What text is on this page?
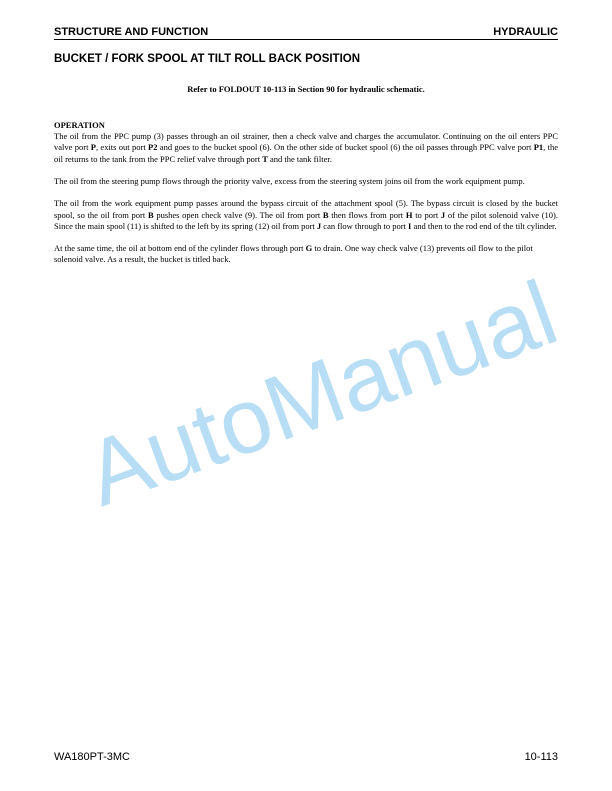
STRUCTURE AND FUNCTION	HYDRAULIC
BUCKET / FORK SPOOL AT TILT ROLL BACK POSITION
Refer to FOLDOUT 10-113 in Section 90 for hydraulic schematic.
OPERATION

The oil from the PPC pump (3) passes through an oil strainer, then a check valve and charges the accumulator. Continuing on the oil enters PPC valve port P, exits out port P2 and goes to the bucket spool (6). On the other side of bucket spool (6) the oil passes through PPC valve port P1, the oil returns to the tank from the PPC relief valve through port T and the tank filter.

The oil from the steering pump flows through the priority valve, excess from the steering system joins oil from the work equipment pump.

The oil from the work equipment pump passes around the bypass circuit of the attachment spool (5). The bypass circuit is closed by the bucket spool, so the oil from port B pushes open check valve (9). The oil from port B then flows from port H to port J of the pilot solenoid valve (10). Since the main spool (11) is shifted to the left by its spring (12) oil from port J can flow through to port I and then to the rod end of the tilt cylinder.

At the same time, the oil at bottom end of the cylinder flows through port G to drain. One way check valve (13) prevents oil flow to the pilot solenoid valve. As a result, the bucket is titled back.

AutoManual
WA180PT-3MC	10-113
